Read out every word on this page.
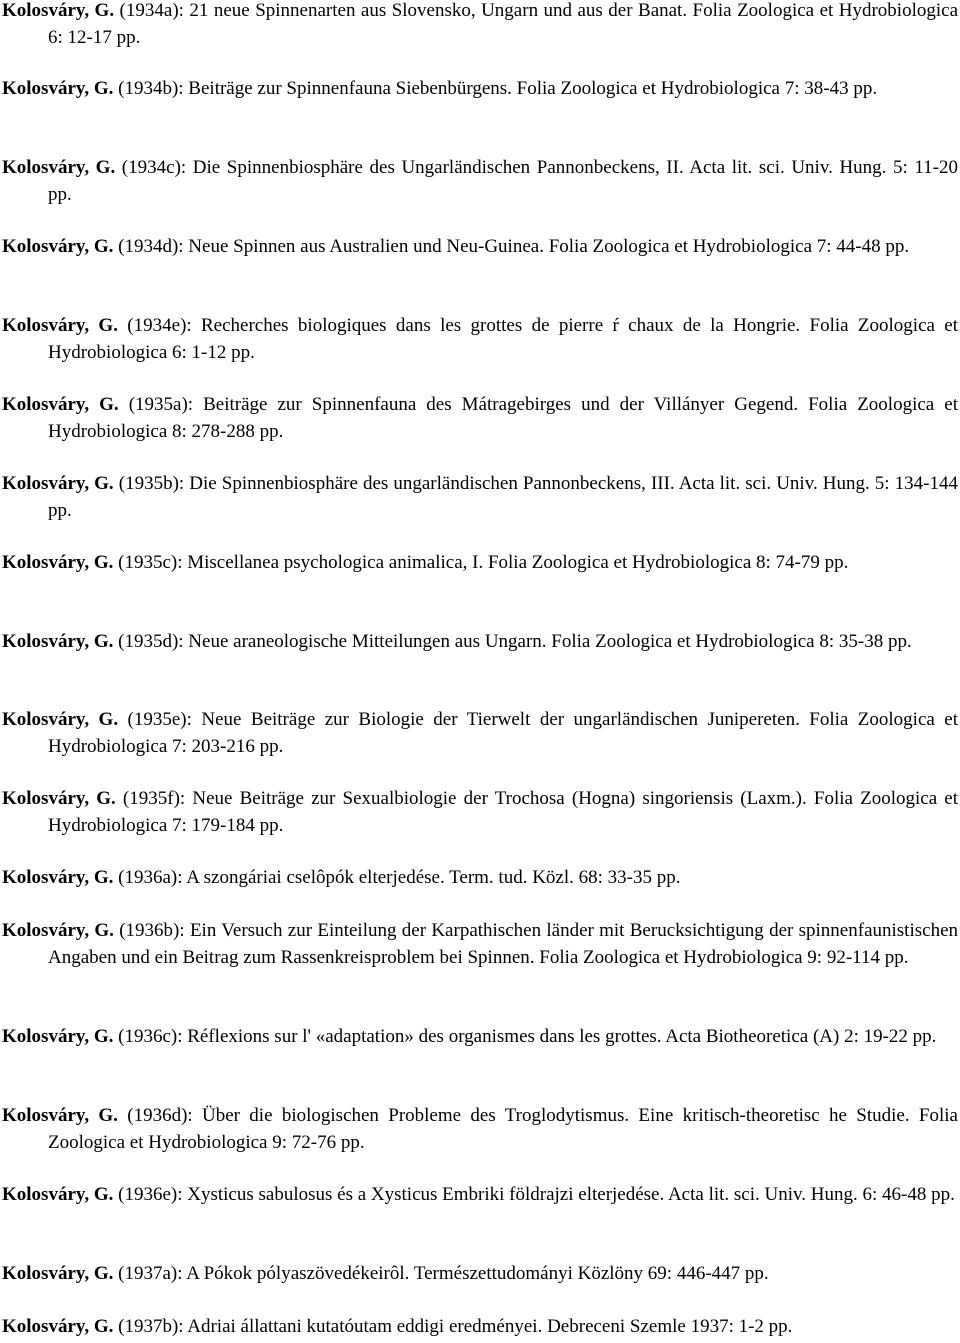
Kolosváry, G. (1934a): 21 neue Spinnenarten aus Slovensko, Ungarn und aus der Banat. Folia Zoologica et Hydrobiologica 6: 12-17 pp.

Kolosváry, G. (1934b): Beiträge zur Spinnenfauna Siebenbürgens. Folia Zoologica et Hydrobiologica 7: 38-43 pp.

Kolosváry, G. (1934c): Die Spinnenbiosphäre des Ungarländischen Pannonbeckens, II. Acta lit. sci. Univ. Hung. 5: 11-20 pp.

Kolosváry, G. (1934d): Neue Spinnen aus Australien und Neu-Guinea. Folia Zoologica et Hydrobiologica 7: 44-48 pp.

Kolosváry, G. (1934e): Recherches biologiques dans les grottes de pierre ŕ chaux de la Hongrie. Folia Zoologica et Hydrobiologica 6: 1-12 pp.

Kolosváry, G. (1935a): Beiträge zur Spinnenfauna des Mátragebirges und der Villányer Gegend. Folia Zoologica et Hydrobiologica 8: 278-288 pp.

Kolosváry, G. (1935b): Die Spinnenbiosphäre des ungarländischen Pannonbeckens, III. Acta lit. sci. Univ. Hung. 5: 134-144 pp.

Kolosváry, G. (1935c): Miscellanea psychologica animalica, I. Folia Zoologica et Hydrobiologica 8: 74-79 pp.

Kolosváry, G. (1935d): Neue araneologische Mitteilungen aus Ungarn. Folia Zoologica et Hydrobiologica 8: 35-38 pp.

Kolosváry, G. (1935e): Neue Beiträge zur Biologie der Tierwelt der ungarländischen Junipereten. Folia Zoologica et Hydrobiologica 7: 203-216 pp.

Kolosváry, G. (1935f): Neue Beiträge zur Sexualbiologie der Trochosa (Hogna) singoriensis (Laxm.). Folia Zoologica et Hydrobiologica 7: 179-184 pp.

Kolosváry, G. (1936a): A szongáriai cselôpók elterjedése. Term. tud. Közl. 68: 33-35 pp.

Kolosváry, G. (1936b): Ein Versuch zur Einteilung der Karpathischen länder mit Berucksichtigung der spinnenfaunistischen Angaben und ein Beitrag zum Rassenkreisproblem bei Spinnen. Folia Zoologica et Hydrobiologica 9: 92-114 pp.

Kolosváry, G. (1936c): Réflexions sur l' «adaptation» des organismes dans les grottes. Acta Biotheoretica (A) 2: 19-22 pp.

Kolosváry, G. (1936d): Über die biologischen Probleme des Troglodytismus. Eine kritisch-theoretisc he Studie. Folia Zoologica et Hydrobiologica 9: 72-76 pp.

Kolosváry, G. (1936e): Xysticus sabulosus és a Xysticus Embriki földrajzi elterjedése. Acta lit. sci. Univ. Hung. 6: 46-48 pp.

Kolosváry, G. (1937a): A Pókok pólyaszövedékeirôl. Természettudományi Közlöny 69: 446-447 pp.

Kolosváry, G. (1937b): Adriai állattani kutatóutam eddigi eredményei. Debreceni Szemle 1937: 1-2 pp.
